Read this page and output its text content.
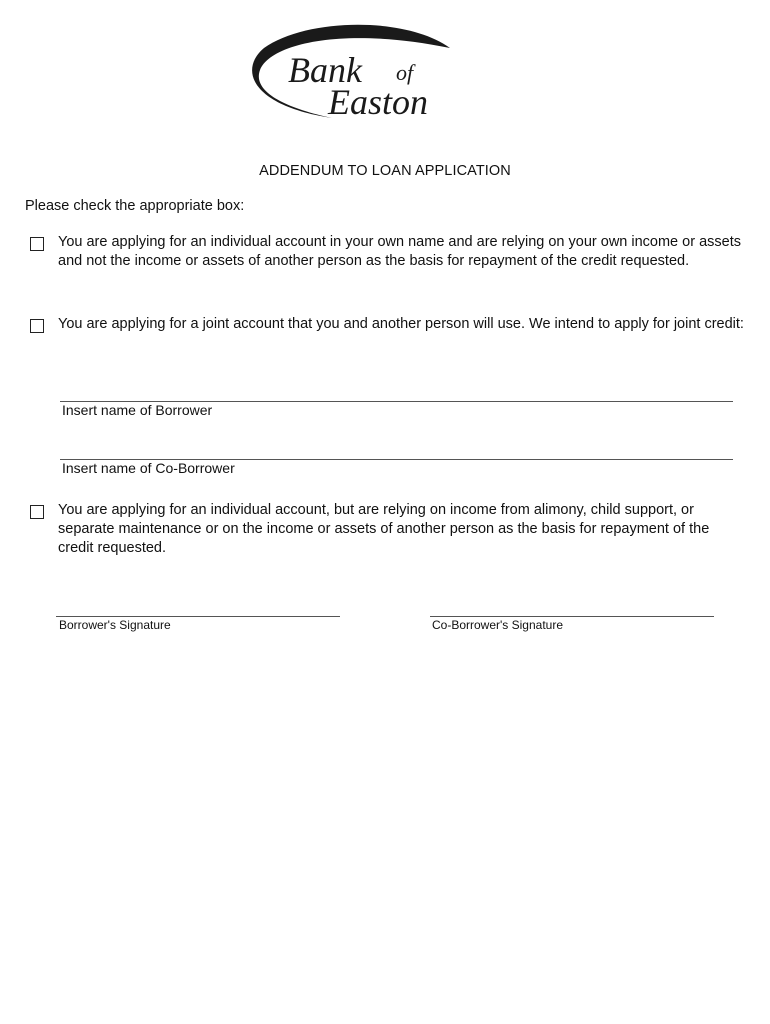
Bank of
Easton
ADDENDUM TO LOAN APPLICATION
Please check the appropriate box:
You are applying for an individual account in your own name and are relying on your own income or assets and not the income or assets of another person as the basis for repayment of the credit requested.
You are applying for a joint account that you and another person will use. We intend to apply for joint credit:
Insert name of Borrower
Insert name of Co-Borrower
You are applying for an individual account, but are relying on income from alimony, child support, or separate maintenance or on the income or assets of another person as the basis for repayment of the credit requested.
Borrower's Signature	Co-Borrower's Signature
